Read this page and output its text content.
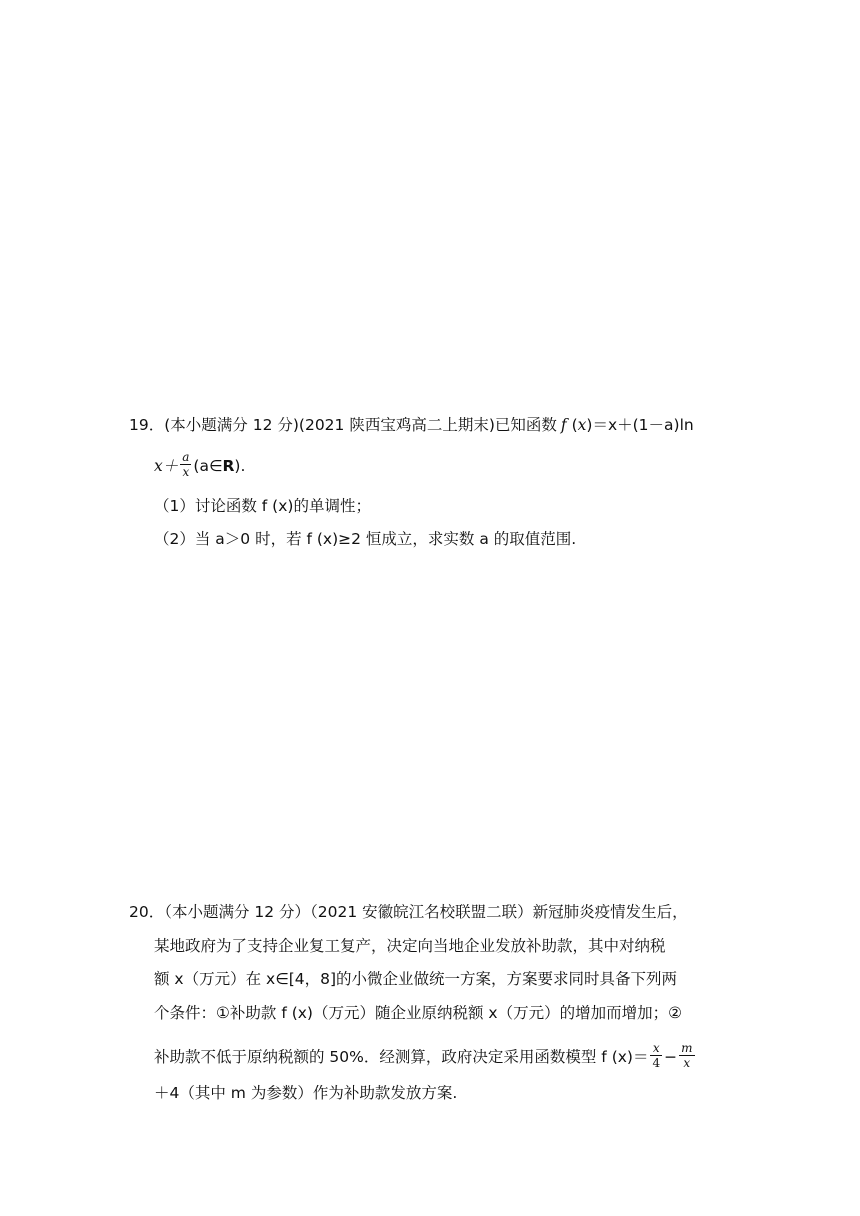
19．(本小题满分 12 分)(2021 陕西宝鸡高二上期末)已知函数 f (x)＝x＋(1－a)ln
$x+ \frac{a}{x}$ (a∈R).
（1）讨论函数 f (x)的单调性；
（2）当 a＞0 时，若 f (x)≥2 恒成立，求实数 a 的取值范围.
20．（本小题满分 12 分）（2021 安徽皖江名校联盟二联）新冠肺炎疫情发生后，
某地政府为了支持企业复工复产，决定向当地企业发放补助款，其中对纳税
额 x（万元）在 x∈[4，8]的小微企业做统一方案，方案要求同时具备下列两
个条件：①补助款 f (x)（万元）随企业原纳税额 x（万元）的增加而增加；②
补助款不低于原纳税额的 50%．经测算，政府决定采用函数模型 f $(x)= \frac{x}{4} - \frac{m}{x}$
＋4（其中 m 为参数）作为补助款发放方案.
